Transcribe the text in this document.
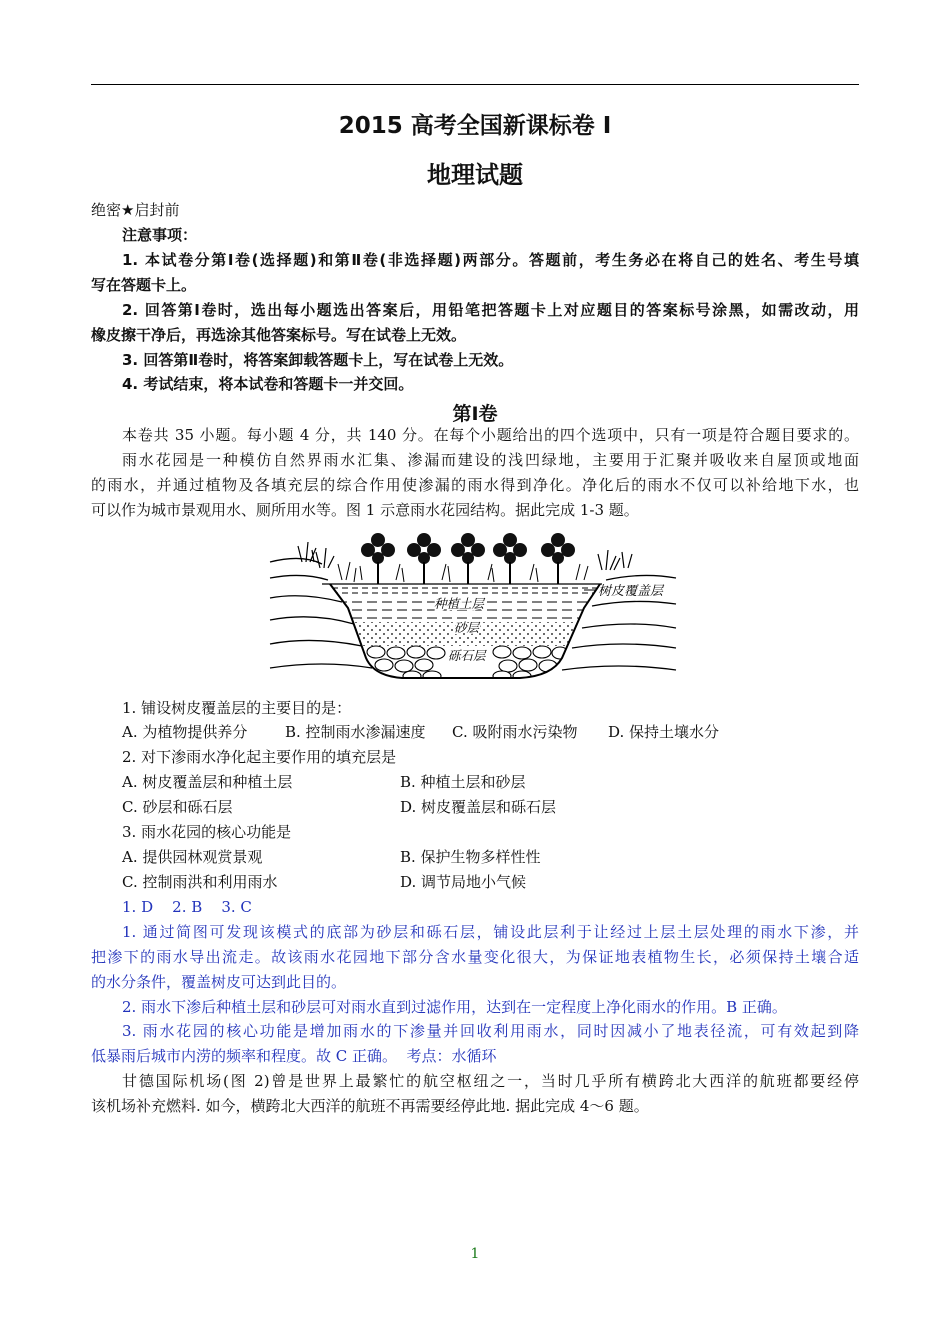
2015 高考全国新课标卷 I
地理试题
绝密★启封前
注意事项：
1. 本试卷分第Ⅰ卷(选择题)和第Ⅱ卷(非选择题)两部分。答题前，考生务必在将自己的姓名、考生号填
写在答题卡上。
2. 回答第Ⅰ卷时，选出每小题选出答案后，用铅笔把答题卡上对应题目的答案标号涂黑，如需改动，用
橡皮擦干净后，再选涂其他答案标号。写在试卷上无效。
3. 回答第Ⅱ卷时，将答案卸载答题卡上，写在试卷上无效。
4. 考试结束，将本试卷和答题卡一并交回。
第Ⅰ卷
本卷共 35 小题。每小题 4 分，共 140 分。在每个小题给出的四个选项中，只有一项是符合题目要求的。
雨水花园是一种模仿自然界雨水汇集、渗漏而建设的浅凹绿地，主要用于汇聚并吸收来自屋顶或地面
的雨水，并通过植物及各填充层的综合作用使渗漏的雨水得到净化。净化后的雨水不仅可以补给地下水，也
可以作为城市景观用水、厕所用水等。图 1 示意雨水花园结构。据此完成 1-3 题。
树皮覆盖层
种植土层
砂层
砾石层
1. 铺设树皮覆盖层的主要目的是：
A. 为植物提供养分	B. 控制雨水渗漏速度 C. 吸附雨水污染物 D. 保持土壤水分
2. 对下渗雨水净化起主要作用的填充层是
A. 树皮覆盖层和种植土层	B. 种植土层和砂层
C. 砂层和砾石层	D. 树皮覆盖层和砾石层
3. 雨水花园的核心功能是
A. 提供园林观赏景观	B. 保护生物多样性性
C. 控制雨洪和利用雨水	D. 调节局地小气候
1. D    2. B    3. C
1. 通过简图可发现该模式的底部为砂层和砾石层，铺设此层利于让经过上层土层处理的雨水下渗，并
把渗下的雨水导出流走。故该雨水花园地下部分含水量变化很大，为保证地表植物生长，必须保持土壤合适
的水分条件，覆盖树皮可达到此目的。
2. 雨水下渗后种植土层和砂层可对雨水直到过滤作用，达到在一定程度上净化雨水的作用。B 正确。
3. 雨水花园的核心功能是增加雨水的下渗量并回收利用雨水，同时因减小了地表径流，可有效起到降
低暴雨后城市内涝的频率和程度。故 C 正确。  考点：水循环
甘德国际机场(图 2)曾是世界上最繁忙的航空枢纽之一，当时几乎所有横跨北大西洋的航班都要经停
该机场补充燃料. 如今，横跨北大西洋的航班不再需要经停此地. 据此完成 4～6 题。
1
